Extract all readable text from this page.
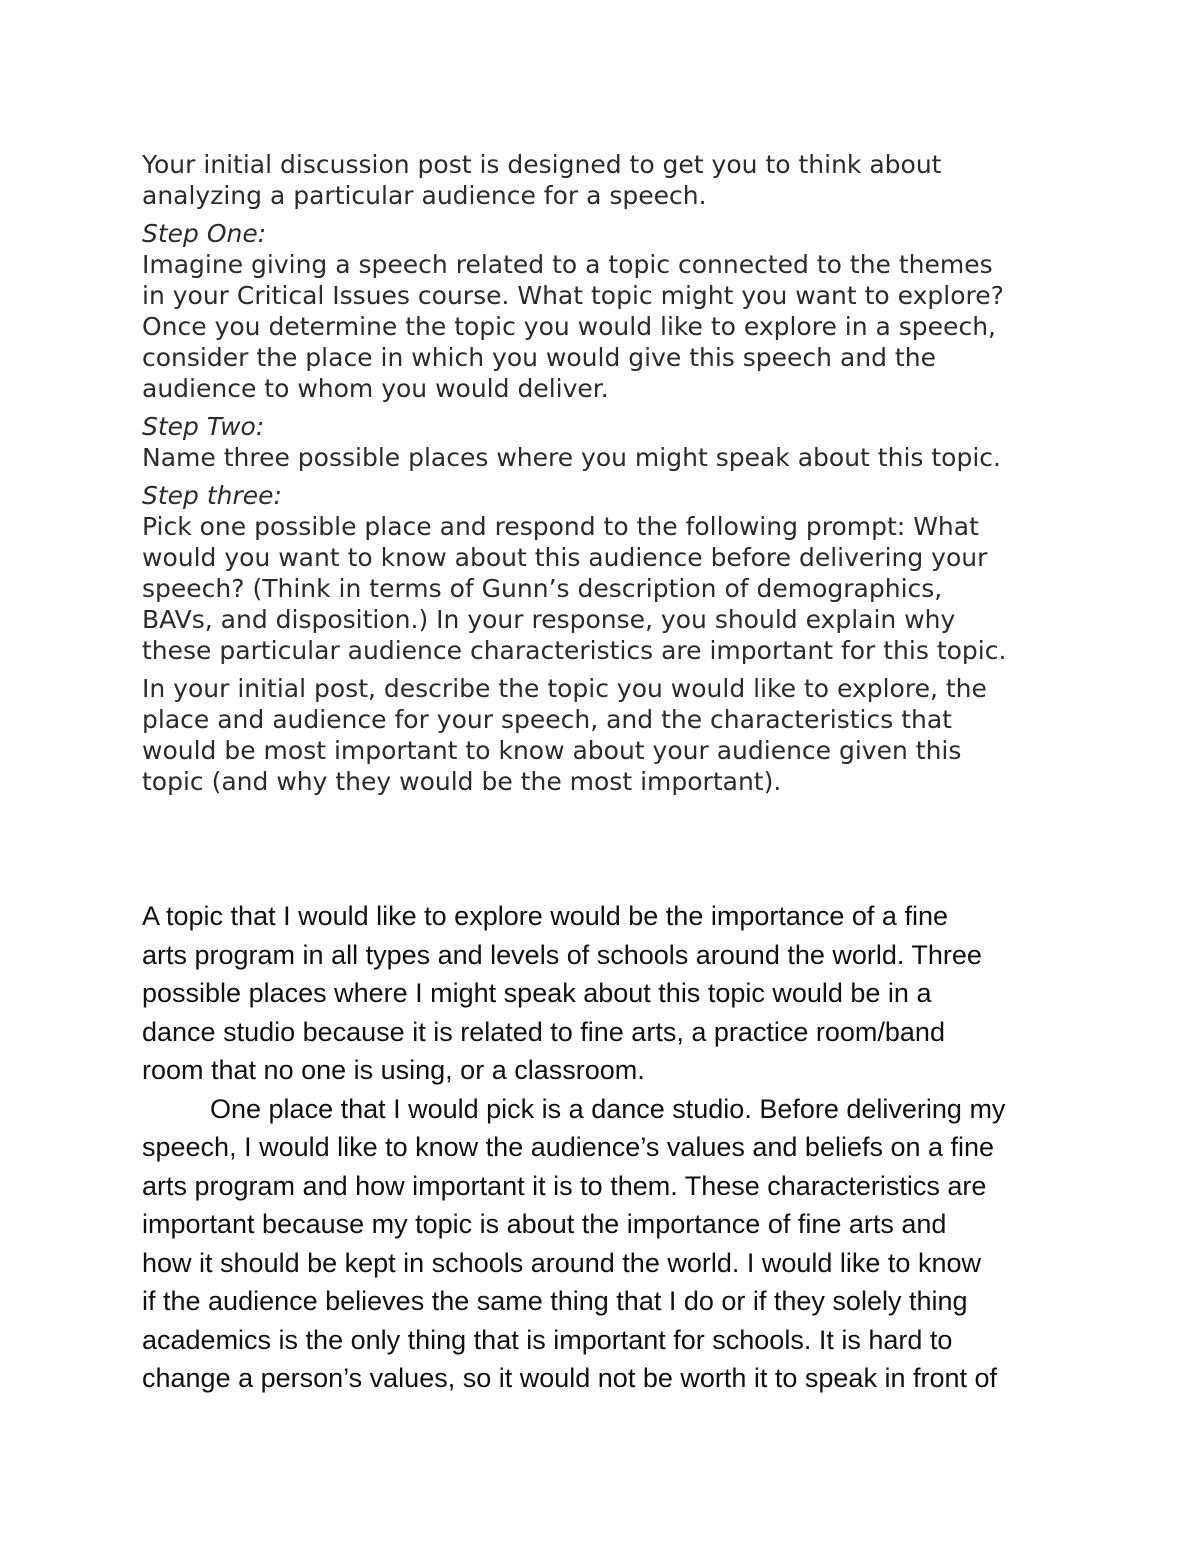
Your initial discussion post is designed to get you to think about
analyzing a particular audience for a speech.

Step One:

Imagine giving a speech related to a topic connected to the themes
in your Critical Issues course. What topic might you want to explore?
Once you determine the topic you would like to explore in a speech,
consider the place in which you would give this speech and the
audience to whom you would deliver.

Step Two:

Name three possible places where you might speak about this topic.

Step three:

Pick one possible place and respond to the following prompt: What
would you want to know about this audience before delivering your
speech? (Think in terms of Gunn’s description of demographics,
BAVs, and disposition.) In your response, you should explain why
these particular audience characteristics are important for this topic.

In your initial post, describe the topic you would like to explore, the
place and audience for your speech, and the characteristics that
would be most important to know about your audience given this
topic (and why they would be the most important).

A topic that I would like to explore would be the importance of a fine
arts program in all types and levels of schools around the world. Three
possible places where I might speak about this topic would be in a
dance studio because it is related to fine arts, a practice room/band
room that no one is using, or a classroom.

One place that I would pick is a dance studio. Before delivering my
speech, I would like to know the audience’s values and beliefs on a fine
arts program and how important it is to them. These characteristics are
important because my topic is about the importance of fine arts and
how it should be kept in schools around the world. I would like to know
if the audience believes the same thing that I do or if they solely thing
academics is the only thing that is important for schools. It is hard to
change a person’s values, so it would not be worth it to speak in front of
